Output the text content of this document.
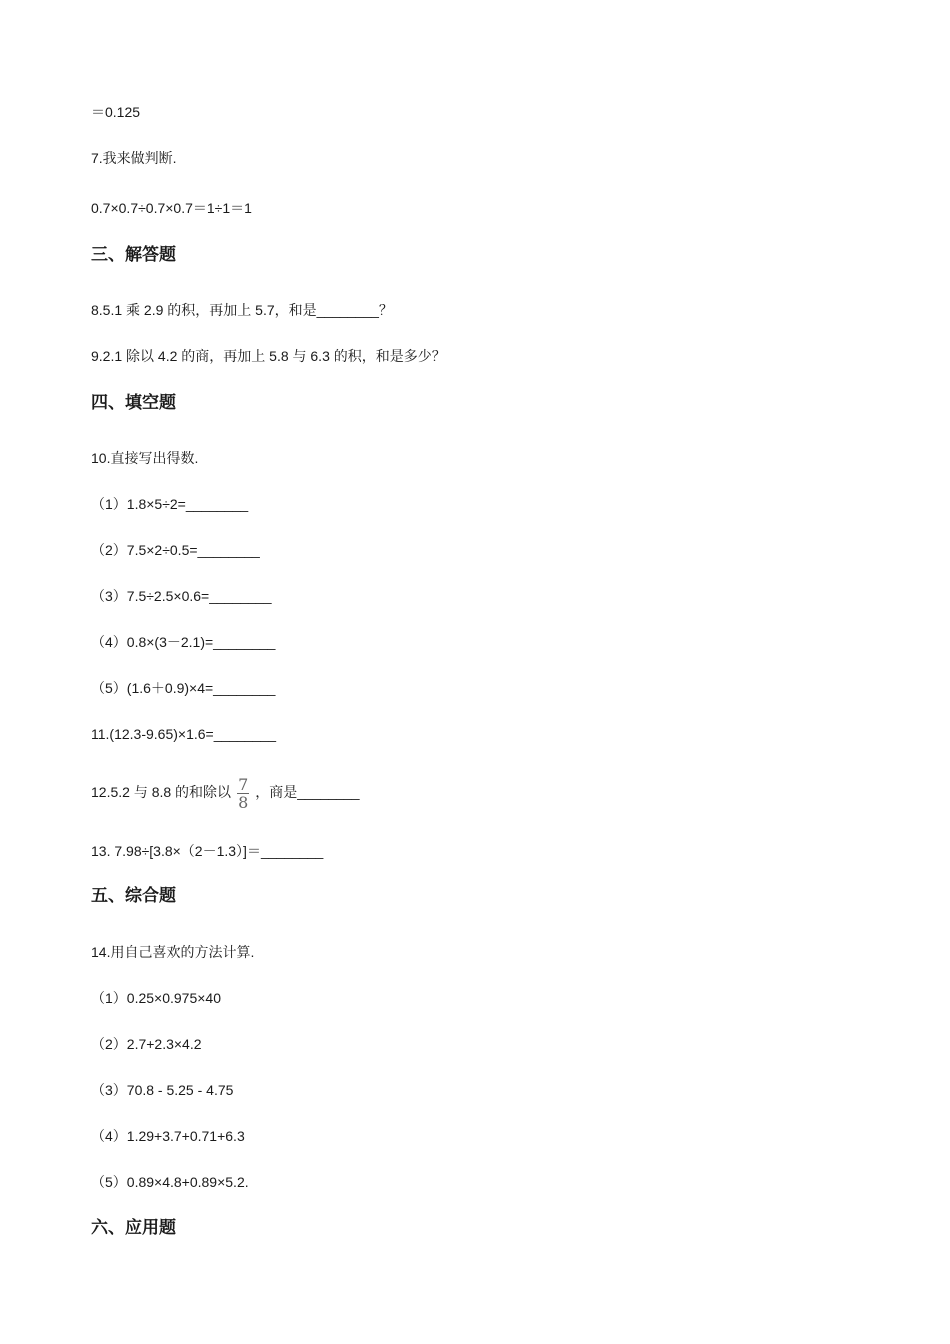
＝0.125
7.我来做判断.
0.7×0.7÷0.7×0.7＝1÷1＝1
三、解答题
8.5.1 乘 2.9 的积，再加上 5.7，和是________？
9.2.1 除以 4.2 的商，再加上 5.8 与 6.3 的积，和是多少？
四、填空题
10.直接写出得数.
（1）1.8×5÷2=________
（2）7.5×2÷0.5=________
（3）7.5÷2.5×0.6=________
（4）0.8×(3－2.1)=________
（5）(1.6＋0.9)×4=________
11.(12.3-9.65)×1.6=________
12.5.2 与 8.8 的和除以 $\frac{7}{8}$ ，商是________
13. 7.98÷[3.8×（2－1.3）]＝________
五、综合题
14.用自己喜欢的方法计算.
（1）0.25×0.975×40
（2）2.7+2.3×4.2
（3）70.8 - 5.25 - 4.75
（4）1.29+3.7+0.71+6.3
（5）0.89×4.8+0.89×5.2.
六、应用题
